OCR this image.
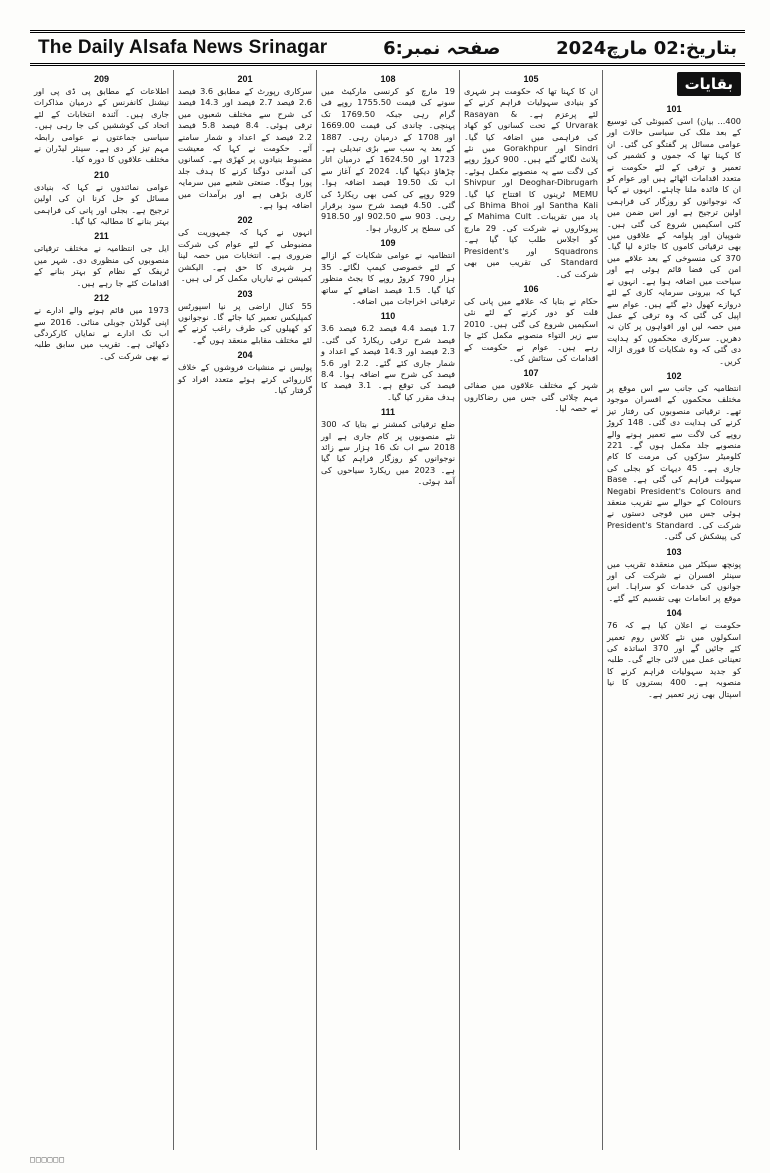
The Daily Alsafa News Srinagar	صفحہ نمبر:6	بتاریخ:02 مارچ2024
بقایات
101

400... بیان) اسی کمیونٹی کی توسیع کے بعد ملک کی سیاسی حالات اور عوامی مسائل پر گفتگو کی گئی۔ ان کا کہنا تھا کہ جموں و کشمیر کی تعمیر و ترقی کے لئے حکومت نے متعدد اقدامات اٹھائے ہیں اور عوام کو ان کا فائدہ ملنا چاہئے۔ انہوں نے کہا کہ نوجوانوں کو روزگار کی فراہمی اولین ترجیح ہے اور اس ضمن میں کئی اسکیمیں شروع کی گئی ہیں۔ شوپیان اور پلوامہ کے علاقوں میں بھی ترقیاتی کاموں کا جائزہ لیا گیا۔ 370 کی منسوخی کے بعد علاقے میں امن کی فضا قائم ہوئی ہے اور سیاحت میں اضافہ ہوا ہے۔ انہوں نے کہا کہ بیرونی سرمایہ کاری کے لئے دروازے کھول دئے گئے ہیں۔ عوام سے اپیل کی گئی کہ وہ ترقی کے عمل میں حصہ لیں اور افواہوں پر کان نہ دھریں۔ سرکاری محکموں کو ہدایت دی گئی کہ وہ شکایات کا فوری ازالہ کریں۔

102

انتظامیہ کی جانب سے اس موقع پر مختلف محکموں کے افسران موجود تھے۔ ترقیاتی منصوبوں کی رفتار تیز کرنے کی ہدایت دی گئی۔ 148 کروڑ روپے کی لاگت سے تعمیر ہونے والے منصوبے جلد مکمل ہوں گے۔ 221 کلومیٹر سڑکوں کی مرمت کا کام جاری ہے۔ 45 دیہات کو بجلی کی سہولت فراہم کی گئی ہے۔ Base Negabi President's Colours and Colours کے حوالے سے تقریب منعقد ہوئی جس میں فوجی دستوں نے شرکت کی۔ President's Standard کی پیشکش کی گئی۔

103

پونچھ سیکٹر میں منعقدہ تقریب میں سینئر افسران نے شرکت کی اور جوانوں کی خدمات کو سراہا۔ اس موقع پر انعامات بھی تقسیم کئے گئے۔

104

حکومت نے اعلان کیا ہے کہ 76 اسکولوں میں نئے کلاس روم تعمیر کئے جائیں گے اور 370 اساتذہ کی تعیناتی عمل میں لائی جائے گی۔ طلبہ کو جدید سہولیات فراہم کرنے کا منصوبہ ہے۔ 400 بستروں کا نیا اسپتال بھی زیر تعمیر ہے۔

105

ان کا کہنا تھا کہ حکومت ہر شہری کو بنیادی سہولیات فراہم کرنے کے لئے پرعزم ہے۔ Rasayan & Urvarak کے تحت کسانوں کو کھاد کی فراہمی میں اضافہ کیا گیا۔ Sindri اور Gorakhpur میں نئے پلانٹ لگائے گئے ہیں۔ 900 کروڑ روپے کی لاگت سے یہ منصوبے مکمل ہوئے۔ Deoghar-Dibrugarh اور Shivpur MEMU ٹرینوں کا افتتاح کیا گیا۔ Santha Kali اور Bhima Bhoi کی یاد میں تقریبات۔ Mahima Cult کے پیروکاروں نے شرکت کی۔ 29 مارچ کو اجلاس طلب کیا گیا ہے۔ Squadrons اور President's Standard کی تقریب میں بھی شرکت کی۔

106

حکام نے بتایا کہ علاقے میں پانی کی قلت کو دور کرنے کے لئے نئی اسکیمیں شروع کی گئی ہیں۔ 2010 سے زیر التواء منصوبے مکمل کئے جا رہے ہیں۔ عوام نے حکومت کے اقدامات کی ستائش کی۔

107

شہر کے مختلف علاقوں میں صفائی مہم چلائی گئی جس میں رضاکاروں نے حصہ لیا۔

108

19 مارچ کو کرنسی مارکیٹ میں سونے کی قیمت 1755.50 روپے فی گرام رہی جبکہ 1769.50 تک پہنچی۔ چاندی کی قیمت 1669.00 اور 1708 کے درمیان رہی۔ 1887 کے بعد یہ سب سے بڑی تبدیلی ہے۔ 1723 اور 1624.50 کے درمیان اتار چڑھاؤ دیکھا گیا۔ 2024 کے آغاز سے اب تک 19.50 فیصد اضافہ ہوا۔ 929 روپے کی کمی بھی ریکارڈ کی گئی۔ 4.50 فیصد شرح سود برقرار رہی۔ 903 سے 902.50 اور 918.50 کی سطح پر کاروبار ہوا۔

109

انتظامیہ نے عوامی شکایات کے ازالے کے لئے خصوصی کیمپ لگائے۔ 35 ہزار 790 کروڑ روپے کا بجٹ منظور کیا گیا۔ 1.5 فیصد اضافے کے ساتھ ترقیاتی اخراجات میں اضافہ۔

110

1.7 فیصد 4.4 فیصد 6.2 فیصد 3.6 فیصد شرح ترقی ریکارڈ کی گئی۔ 2.3 فیصد اور 14.3 فیصد کے اعداد و شمار جاری کئے گئے۔ 2.2 اور 5.6 فیصد کی شرح سے اضافہ ہوا۔ 8.4 فیصد کی توقع ہے۔ 3.1 فیصد کا ہدف مقرر کیا گیا۔

111

ضلع ترقیاتی کمشنر نے بتایا کہ 300 نئے منصوبوں پر کام جاری ہے اور 2018 سے اب تک 16 ہزار سے زائد نوجوانوں کو روزگار فراہم کیا گیا ہے۔ 2023 میں ریکارڈ سیاحوں کی آمد ہوئی۔

201

سرکاری رپورٹ کے مطابق 3.6 فیصد 2.6 فیصد 2.7 فیصد اور 14.3 فیصد کی شرح سے مختلف شعبوں میں ترقی ہوئی۔ 8.4 فیصد 5.8 فیصد 2.2 فیصد کے اعداد و شمار سامنے آئے۔ حکومت نے کہا کہ معیشت مضبوط بنیادوں پر کھڑی ہے۔ کسانوں کی آمدنی دوگنا کرنے کا ہدف جلد پورا ہوگا۔ صنعتی شعبے میں سرمایہ کاری بڑھی ہے اور برآمدات میں اضافہ ہوا ہے۔

202

انہوں نے کہا کہ جمہوریت کی مضبوطی کے لئے عوام کی شرکت ضروری ہے۔ انتخابات میں حصہ لینا ہر شہری کا حق ہے۔ الیکشن کمیشن نے تیاریاں مکمل کر لی ہیں۔

203

55 کنال اراضی پر نیا اسپورٹس کمپلیکس تعمیر کیا جائے گا۔ نوجوانوں کو کھیلوں کی طرف راغب کرنے کے لئے مختلف مقابلے منعقد ہوں گے۔

204

پولیس نے منشیات فروشوں کے خلاف کارروائی کرتے ہوئے متعدد افراد کو گرفتار کیا۔

209

اطلاعات کے مطابق پی ڈی پی اور نیشنل کانفرنس کے درمیان مذاکرات جاری ہیں۔ آئندہ انتخابات کے لئے اتحاد کی کوششیں کی جا رہی ہیں۔ سیاسی جماعتوں نے عوامی رابطہ مہم تیز کر دی ہے۔ سینئر لیڈران نے مختلف علاقوں کا دورہ کیا۔

210

عوامی نمائندوں نے کہا کہ بنیادی مسائل کو حل کرنا ان کی اولین ترجیح ہے۔ بجلی اور پانی کی فراہمی بہتر بنانے کا مطالبہ کیا گیا۔

211

ایل جی انتظامیہ نے مختلف ترقیاتی منصوبوں کی منظوری دی۔ شہر میں ٹریفک کے نظام کو بہتر بنانے کے اقدامات کئے جا رہے ہیں۔

212

1973 میں قائم ہونے والے ادارے نے اپنی گولڈن جوبلی منائی۔ 2016 سے اب تک ادارے نے نمایاں کارکردگی دکھائی ہے۔ تقریب میں سابق طلبہ نے بھی شرکت کی۔

□□□□□□
